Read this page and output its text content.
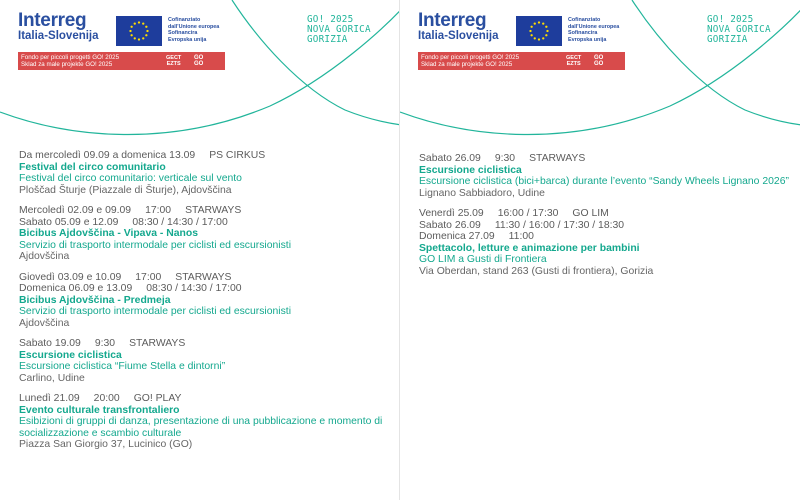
Interreg
Italia-Slovenija
Cofinanziato
dall'Unione europea
Sofinancira
Evropska unija
Fondo per piccoli progetti GO! 2025
Sklad za male projekte GO! 2025
GECT
EZTS
GO
GO
GO! 2025
NOVA GORICA
GORIZIA
Da mercoledì 09.09 a domenica 13.09 PS CIRKUS
Festival del circo comunitario
Festival del circo comunitario: verticale sul vento
Ploščad Šturje (Piazzale di Šturje), Ajdovščina
Mercoledì 02.09 e 09.09 17:00 STARWAYS
Sabato 05.09 e 12.09 08:30 / 14:30 / 17:00
Bicibus Ajdovščina - Vipava - Nanos
Servizio di trasporto intermodale per ciclisti ed escursionisti
Ajdovščina
Giovedì 03.09 e 10.09 17:00 STARWAYS
Domenica 06.09 e 13.09 08:30 / 14:30 / 17:00
Bicibus Ajdovščina - Predmeja
Servizio di trasporto intermodale per ciclisti ed escursionisti
Ajdovščina
Sabato 19.09 9:30 STARWAYS
Escursione ciclistica
Escursione ciclistica “Fiume Stella e dintorni”
Carlino, Udine
Lunedì 21.09 20:00 GO! PLAY
Evento culturale transfrontaliero
Esibizioni di gruppi di danza, presentazione di una pubblicazione e momento di socializzazione e scambio culturale
Piazza San Giorgio 37, Lucinico (GO)
Interreg
Italia-Slovenija
Cofinanziato
dall'Unione europea
Sofinancira
Evropska unija
Fondo per piccoli progetti GO! 2025
Sklad za male projekte GO! 2025
GECT
EZTS
GO
GO
GO! 2025
NOVA GORICA
GORIZIA
Sabato 26.09 9:30 STARWAYS
Escursione ciclistica
Escursione ciclistica (bici+barca) durante l’evento “Sandy Wheels Lignano 2026”
Lignano Sabbiadoro, Udine
Venerdì 25.09 16:00 / 17:30 GO LIM
Sabato 26.09 11:30 / 16:00 / 17:30 / 18:30
Domenica 27.09 11:00
Spettacolo, letture e animazione per bambini
GO LIM a Gusti di Frontiera
Via Oberdan, stand 263 (Gusti di frontiera), Gorizia
